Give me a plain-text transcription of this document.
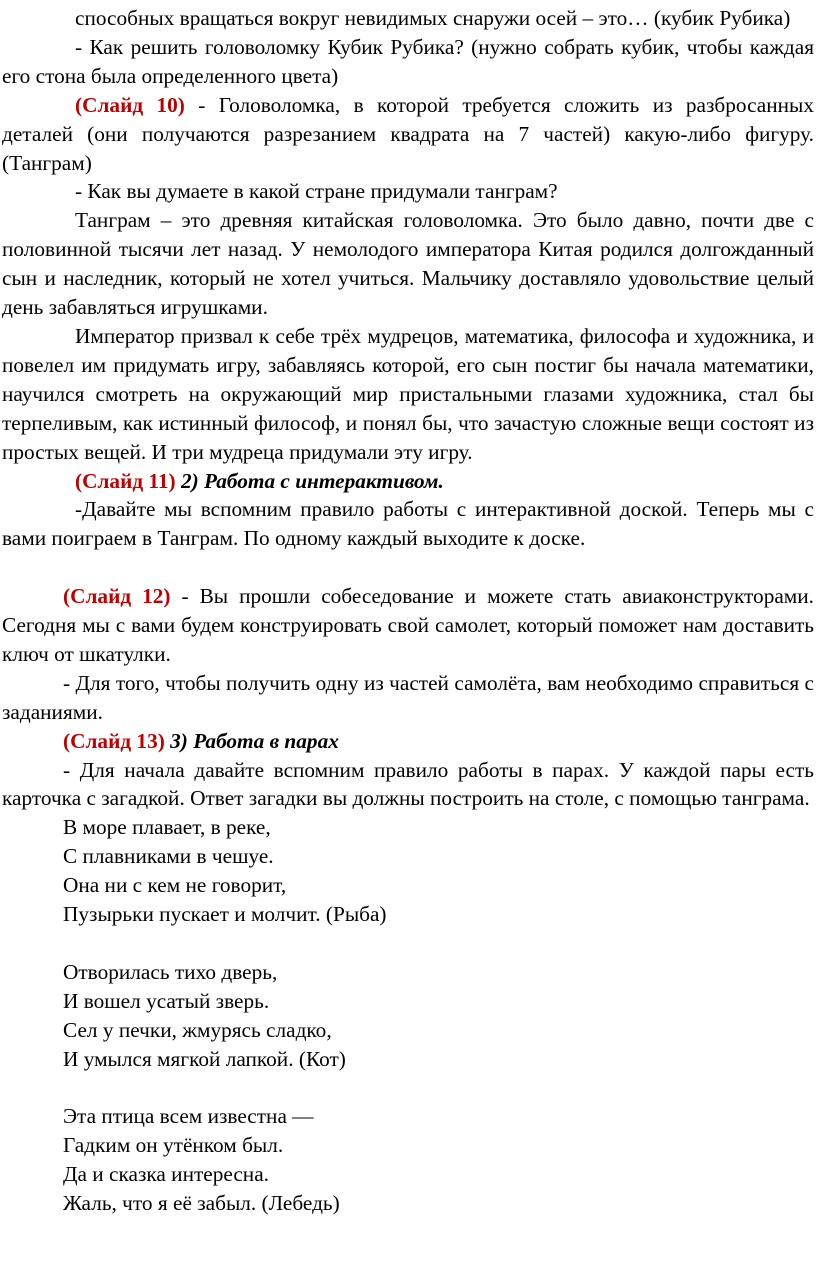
способных вращаться вокруг невидимых снаружи осей – это… (кубик Рубика)

- Как решить головоломку Кубик Рубика? (нужно собрать кубик, чтобы каждая его стона была определенного цвета)

(Слайд 10) - Головоломка, в которой требуется сложить из разбросанных деталей (они получаются разрезанием квадрата на 7 частей) какую-либо фигуру. (Танграм)

- Как вы думаете в какой стране придумали танграм?

Танграм – это древняя китайская головоломка. Это было давно, почти две с половинной тысячи лет назад. У немолодого императора Китая родился долгожданный сын и наследник, который не хотел учиться. Мальчику доставляло удовольствие целый день забавляться игрушками.

Император призвал к себе трёх мудрецов, математика, философа и художника, и повелел им придумать игру, забавляясь которой, его сын постиг бы начала математики, научился смотреть на окружающий мир пристальными глазами художника, стал бы терпеливым, как истинный философ, и понял бы, что зачастую сложные вещи состоят из простых вещей. И три мудреца придумали эту игру.

(Слайд 11) 2) Работа с интерактивом.

-Давайте мы вспомним правило работы с интерактивной доской. Теперь мы с вами поиграем в Танграм. По одному каждый выходите к доске.

(Слайд 12) - Вы прошли собеседование и можете стать авиаконструкторами. Сегодня мы с вами будем конструировать свой самолет, который поможет нам доставить ключ от шкатулки.

- Для того, чтобы получить одну из частей самолёта, вам необходимо справиться с заданиями.

(Слайд 13) 3) Работа в парах

- Для начала давайте вспомним правило работы в парах. У каждой пары есть карточка с загадкой. Ответ загадки вы должны построить на столе, с помощью танграма.

В море плавает, в реке,
С плавниками в чешуе.
Она ни с кем не говорит,
Пузырьки пускает и молчит. (Рыба)
Отворилась тихо дверь,
И вошел усатый зверь.
Сел у печки, жмурясь сладко,
И умылся мягкой лапкой. (Кот)
Эта птица всем известна —
Гадким он утёнком был.
Да и сказка интересна.
Жаль, что я её забыл. (Лебедь)
